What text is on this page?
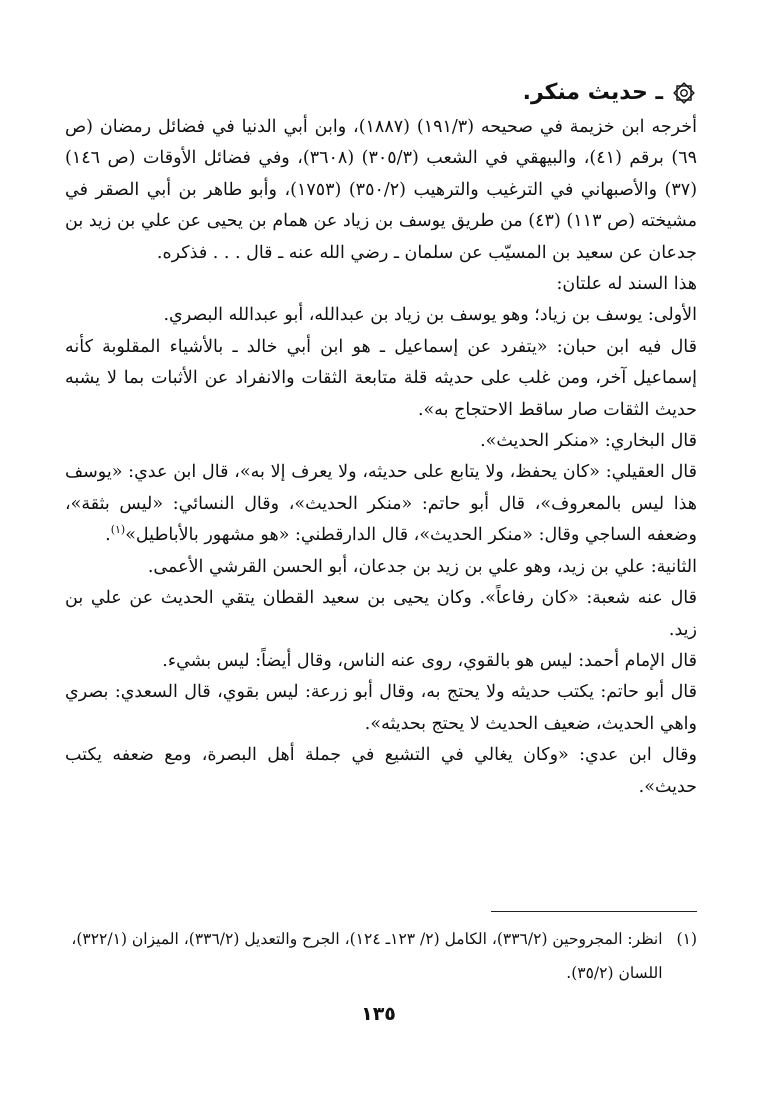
ـ حديث منكر.

أخرجه ابن خزيمة في صحيحه (١٩١/٣) (١٨٨٧)، وابن أبي الدنيا في فضائل رمضان (ص ٦٩) برقم (٤١)، والبيهقي في الشعب (٣٠٥/٣) (٣٦٠٨)، وفي فضائل الأوقات (ص ١٤٦) (٣٧) والأصبهاني في الترغيب والترهيب (٣٥٠/٢) (١٧٥٣)، وأبو طاهر بن أبي الصقر في مشيخته (ص ١١٣) (٤٣) من طريق يوسف بن زياد عن همام بن يحيى عن علي بن زيد بن جدعان عن سعيد بن المسيّب عن سلمان ـ رضي الله عنه ـ قال . . . فذكره.

هذا السند له علتان:

الأولى: يوسف بن زياد؛ وهو يوسف بن زياد بن عبدالله، أبو عبدالله البصري.

قال فيه ابن حبان: «يتفرد عن إسماعيل ـ هو ابن أبي خالد ـ بالأشياء المقلوبة كأنه إسماعيل آخر، ومن غلب على حديثه قلة متابعة الثقات والانفراد عن الأثبات بما لا يشبه حديث الثقات صار ساقط الاحتجاج به».

قال البخاري: «منكر الحديث».

قال العقيلي: «كان يحفظ، ولا يتابع على حديثه، ولا يعرف إلا به»، قال ابن عدي: «يوسف هذا ليس بالمعروف»، قال أبو حاتم: «منكر الحديث»، وقال النسائي: «ليس بثقة»، وضعفه الساجي وقال: «منكر الحديث»، قال الدارقطني: «هو مشهور بالأباطيل»$^{(١)}$.

الثانية: علي بن زيد، وهو علي بن زيد بن جدعان، أبو الحسن القرشي الأعمى.

قال عنه شعبة: «كان رفاعاً». وكان يحيى بن سعيد القطان يتقي الحديث عن علي بن زيد.

قال الإمام أحمد: ليس هو بالقوي، روى عنه الناس، وقال أيضاً: ليس بشيء.

قال أبو حاتم: يكتب حديثه ولا يحتج به، وقال أبو زرعة: ليس بقوي، قال السعدي: بصري واهي الحديث، ضعيف الحديث لا يحتج بحديثه».

وقال ابن عدي: «وكان يغالي في التشيع في جملة أهل البصرة، ومع ضعفه يكتب حديث».

(١)
انظر: المجروحين (٣٣٦/٢)، الكامل (٢/ ١٢٣ـ ١٢٤)، الجرح والتعديل (٣٣٦/٢)، الميزان (٣٢٢/١)، اللسان (٣٥/٢).
١٣٥
